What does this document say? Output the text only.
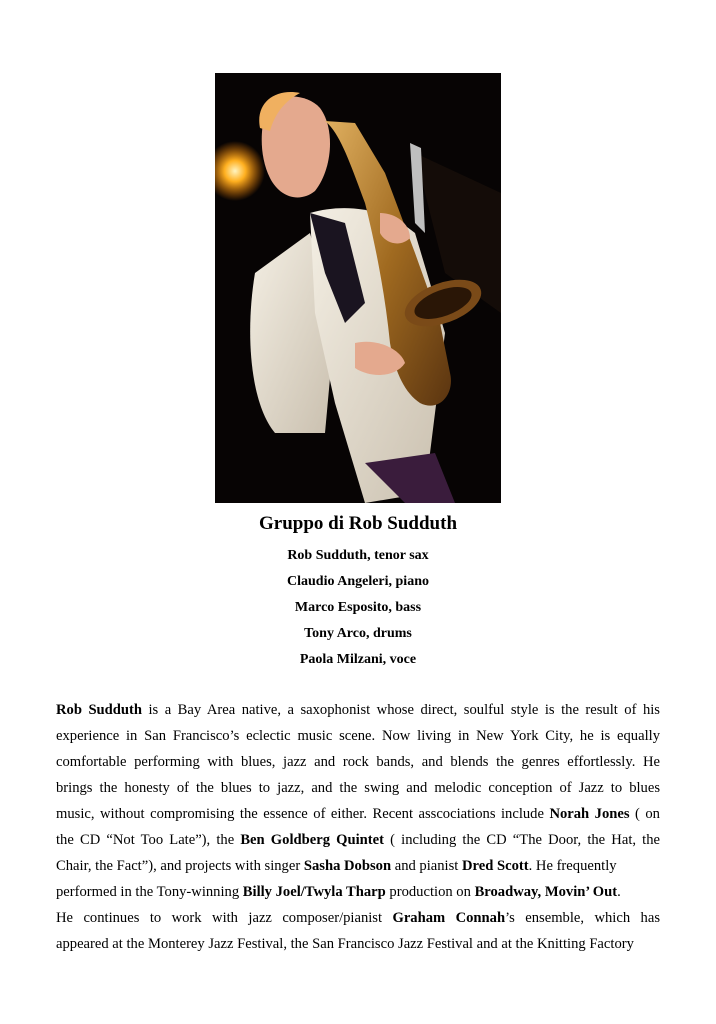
Gruppo di Rob Sudduth
Rob Sudduth, tenor sax
Claudio Angeleri, piano
Marco Esposito, bass
Tony Arco, drums
Paola Milzani, voce

Rob Sudduth is a Bay Area native, a saxophonist whose direct, soulful style is the result of his

experience in San Francisco’s eclectic music scene. Now living in New York City, he is equally

comfortable performing with blues, jazz and rock bands, and blends the genres effortlessly. He

brings the honesty of the blues to jazz, and the swing and melodic conception of Jazz to blues

music, without compromising the essence of either. Recent asscociations include Norah Jones ( on

the CD “Not Too Late”), the Ben Goldberg Quintet ( including the CD “The Door, the Hat, the

Chair, the Fact”), and projects with singer Sasha Dobson and pianist Dred Scott. He frequently

performed in the Tony-winning Billy Joel/Twyla Tharp production on Broadway, Movin’ Out.

He continues to work with jazz composer/pianist Graham Connah’s ensemble, which has

appeared at the Monterey Jazz Festival, the San Francisco Jazz Festival and at the Knitting Factory
